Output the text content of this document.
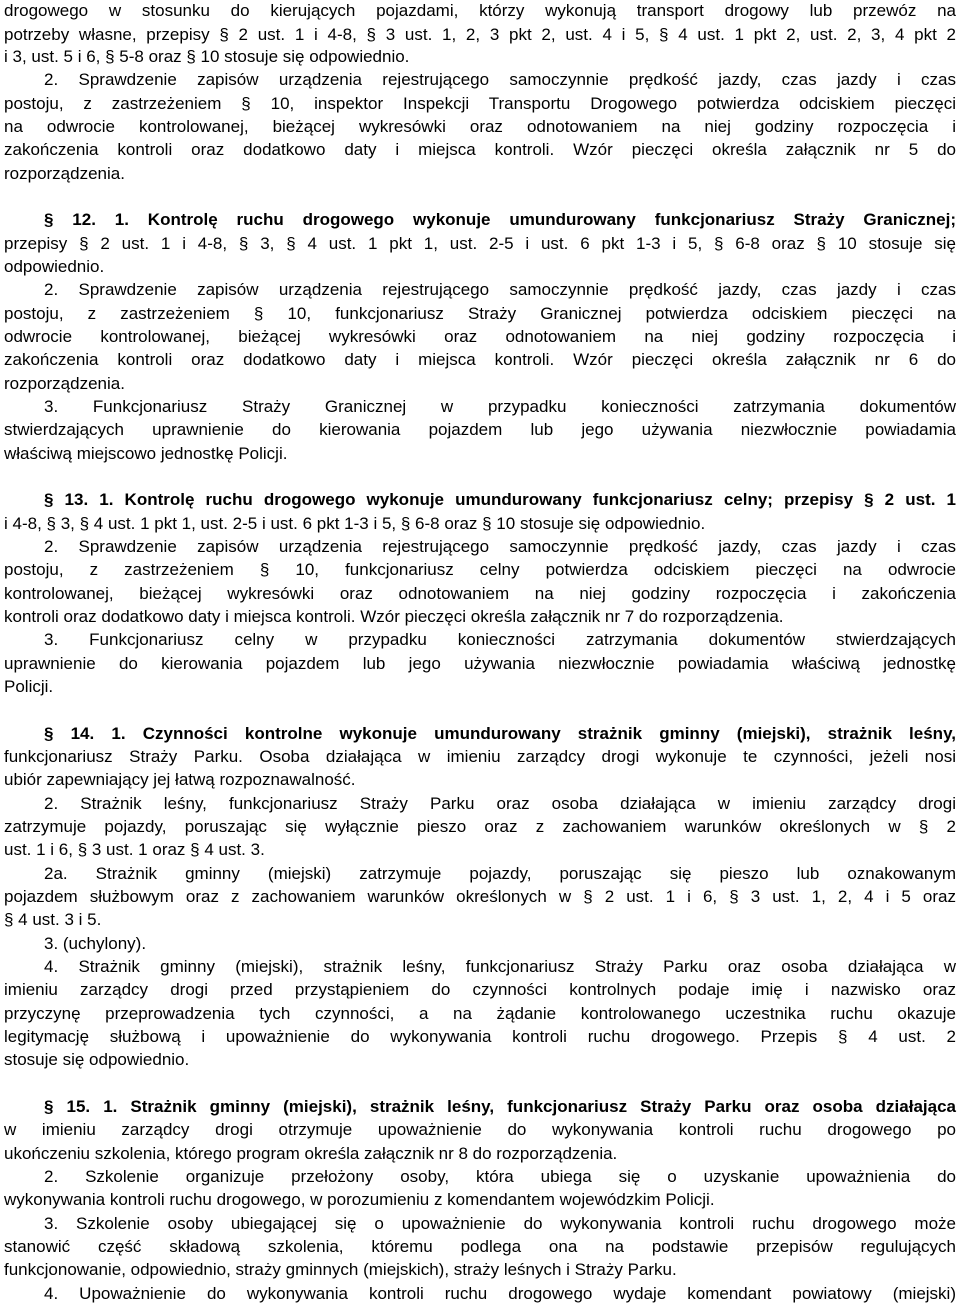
drogowego w stosunku do kierujących pojazdami, którzy wykonują transport drogowy lub przewóz na
potrzeby własne, przepisy § 2 ust. 1 i 4-8, § 3 ust. 1, 2, 3 pkt 2, ust. 4 i 5, § 4 ust. 1 pkt 2, ust. 2, 3, 4 pkt 2
i 3, ust. 5 i 6, § 5-8 oraz § 10 stosuje się odpowiednio.
2. Sprawdzenie zapisów urządzenia rejestrującego samoczynnie prędkość jazdy, czas jazdy i czas
postoju, z zastrzeżeniem § 10, inspektor Inspekcji Transportu Drogowego potwierdza odciskiem pieczęci
na odwrocie kontrolowanej, bieżącej wykresówki oraz odnotowaniem na niej godziny rozpoczęcia i
zakończenia kontroli oraz dodatkowo daty i miejsca kontroli. Wzór pieczęci określa załącznik nr 5 do
rozporządzenia.
§ 12. 1. Kontrolę ruchu drogowego wykonuje umundurowany funkcjonariusz Straży Granicznej;
przepisy § 2 ust. 1 i 4-8, § 3, § 4 ust. 1 pkt 1, ust. 2-5 i ust. 6 pkt 1-3 i 5, § 6-8 oraz § 10 stosuje się
odpowiednio.
2. Sprawdzenie zapisów urządzenia rejestrującego samoczynnie prędkość jazdy, czas jazdy i czas
postoju, z zastrzeżeniem § 10, funkcjonariusz Straży Granicznej potwierdza odciskiem pieczęci na
odwrocie kontrolowanej, bieżącej wykresówki oraz odnotowaniem na niej godziny rozpoczęcia i
zakończenia kontroli oraz dodatkowo daty i miejsca kontroli. Wzór pieczęci określa załącznik nr 6 do
rozporządzenia.
3. Funkcjonariusz Straży Granicznej w przypadku konieczności zatrzymania dokumentów
stwierdzających uprawnienie do kierowania pojazdem lub jego używania niezwłocznie powiadamia
właściwą miejscowo jednostkę Policji.
§ 13. 1. Kontrolę ruchu drogowego wykonuje umundurowany funkcjonariusz celny; przepisy § 2 ust. 1
i 4-8, § 3, § 4 ust. 1 pkt 1, ust. 2-5 i ust. 6 pkt 1-3 i 5, § 6-8 oraz § 10 stosuje się odpowiednio.
2. Sprawdzenie zapisów urządzenia rejestrującego samoczynnie prędkość jazdy, czas jazdy i czas
postoju, z zastrzeżeniem § 10, funkcjonariusz celny potwierdza odciskiem pieczęci na odwrocie
kontrolowanej, bieżącej wykresówki oraz odnotowaniem na niej godziny rozpoczęcia i zakończenia
kontroli oraz dodatkowo daty i miejsca kontroli. Wzór pieczęci określa załącznik nr 7 do rozporządzenia.
3. Funkcjonariusz celny w przypadku konieczności zatrzymania dokumentów stwierdzających
uprawnienie do kierowania pojazdem lub jego używania niezwłocznie powiadamia właściwą jednostkę
Policji.
§ 14. 1. Czynności kontrolne wykonuje umundurowany strażnik gminny (miejski), strażnik leśny,
funkcjonariusz Straży Parku. Osoba działająca w imieniu zarządcy drogi wykonuje te czynności, jeżeli nosi
ubiór zapewniający jej łatwą rozpoznawalność.
2. Strażnik leśny, funkcjonariusz Straży Parku oraz osoba działająca w imieniu zarządcy drogi
zatrzymuje pojazdy, poruszając się wyłącznie pieszo oraz z zachowaniem warunków określonych w § 2
ust. 1 i 6, § 3 ust. 1 oraz § 4 ust. 3.
2a. Strażnik gminny (miejski) zatrzymuje pojazdy, poruszając się pieszo lub oznakowanym
pojazdem służbowym oraz z zachowaniem warunków określonych w § 2 ust. 1 i 6, § 3 ust. 1, 2, 4 i 5 oraz
§ 4 ust. 3 i 5.
3. (uchylony).
4. Strażnik gminny (miejski), strażnik leśny, funkcjonariusz Straży Parku oraz osoba działająca w
imieniu zarządcy drogi przed przystąpieniem do czynności kontrolnych podaje imię i nazwisko oraz
przyczynę przeprowadzenia tych czynności, a na żądanie kontrolowanego uczestnika ruchu okazuje
legitymację służbową i upoważnienie do wykonywania kontroli ruchu drogowego. Przepis § 4 ust. 2
stosuje się odpowiednio.
§ 15. 1. Strażnik gminny (miejski), strażnik leśny, funkcjonariusz Straży Parku oraz osoba działająca
w imieniu zarządcy drogi otrzymuje upoważnienie do wykonywania kontroli ruchu drogowego po
ukończeniu szkolenia, którego program określa załącznik nr 8 do rozporządzenia.
2. Szkolenie organizuje przełożony osoby, która ubiega się o uzyskanie upoważnienia do
wykonywania kontroli ruchu drogowego, w porozumieniu z komendantem wojewódzkim Policji.
3. Szkolenie osoby ubiegającej się o upoważnienie do wykonywania kontroli ruchu drogowego może
stanowić część składową szkolenia, któremu podlega ona na podstawie przepisów regulujących
funkcjonowanie, odpowiednio, straży gminnych (miejskich), straży leśnych i Straży Parku.
4. Upoważnienie do wykonywania kontroli ruchu drogowego wydaje komendant powiatowy (miejski)
